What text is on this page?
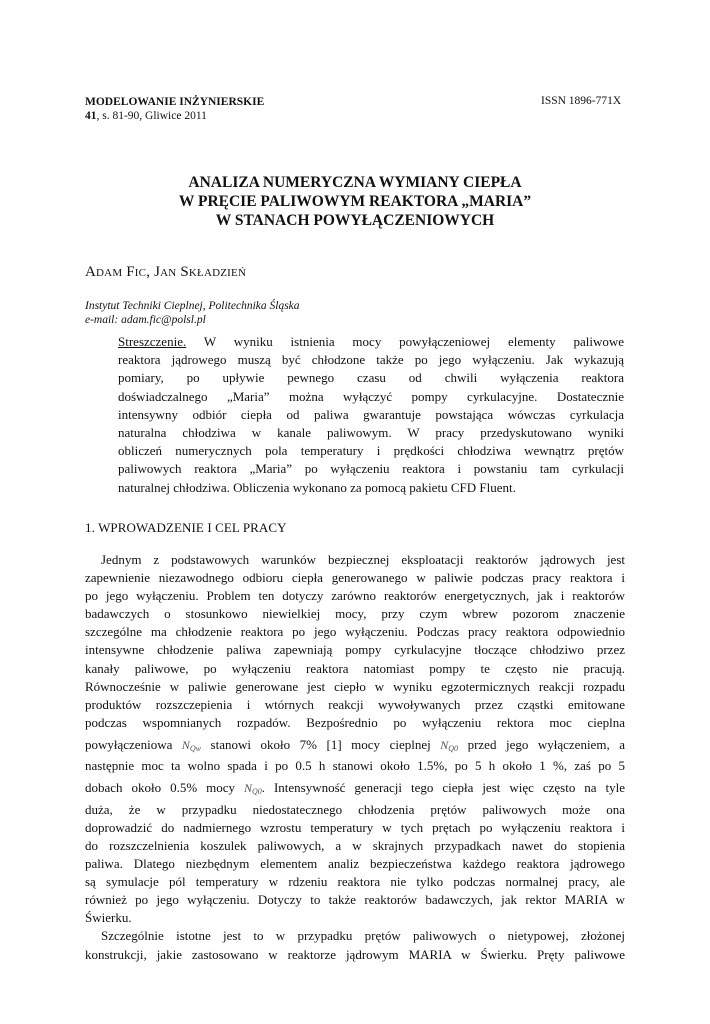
MODELOWANIE INŻYNIERSKIE
41, s. 81-90, Gliwice 2011
ISSN 1896-771X
ANALIZA NUMERYCZNA WYMIANY CIEPŁA
W PRĘCIE PALIWOWYM REAKTORA „MARIA”
W STANACH POWYŁĄCZENIOWYCH
Adam Fic, Jan Składzień
Instytut Techniki Cieplnej, Politechnika Śląska
e-mail: adam.fic@polsl.pl
Streszczenie. W wyniku istnienia mocy powyłączeniowej elementy paliwowe
reaktora jądrowego muszą być chłodzone także po jego wyłączeniu. Jak wykazują
pomiary, po upływie pewnego czasu od chwili wyłączenia reaktora
doświadczalnego „Maria” można wyłączyć pompy cyrkulacyjne. Dostatecznie
intensywny odbiór ciepła od paliwa gwarantuje powstająca wówczas cyrkulacja
naturalna chłodziwa w kanale paliwowym. W pracy przedyskutowano wyniki
obliczeń numerycznych pola temperatury i prędkości chłodziwa wewnątrz prętów
paliwowych reaktora „Maria” po wyłączeniu reaktora i powstaniu tam cyrkulacji
naturalnej chłodziwa. Obliczenia wykonano za pomocą pakietu CFD Fluent.
1. WPROWADZENIE I CEL PRACY
Jednym z podstawowych warunków bezpiecznej eksploatacji reaktorów jądrowych jest
zapewnienie niezawodnego odbioru ciepła generowanego w paliwie podczas pracy reaktora i
po jego wyłączeniu. Problem ten dotyczy zarówno reaktorów energetycznych, jak i reaktorów
badawczych o stosunkowo niewielkiej mocy, przy czym wbrew pozorom znaczenie
szczególne ma chłodzenie reaktora po jego wyłączeniu. Podczas pracy reaktora odpowiednio
intensywne chłodzenie paliwa zapewniają pompy cyrkulacyjne tłoczące chłodziwo przez
kanały paliwowe, po wyłączeniu reaktora natomiast pompy te często nie pracują.
Równocześnie w paliwie generowane jest ciepło w wyniku egzotermicznych reakcji rozpadu
produktów rozszczepienia i wtórnych reakcji wywoływanych przez cząstki emitowane
podczas wspomnianych rozpadów. Bezpośrednio po wyłączeniu rektora moc cieplna
powyłączeniowa $N_{Qw}$ stanowi około 7% [1] mocy cieplnej $N_{Q0}$ przed jego wyłączeniem, a
następnie moc ta wolno spada i po 0.5 h stanowi około 1.5%, po 5 h około 1 %, zaś po 5
dobach około 0.5% mocy $N_{Q0}$. Intensywność generacji tego ciepła jest więc często na tyle
duża, że w przypadku niedostatecznego chłodzenia prętów paliwowych może ona
doprowadzić do nadmiernego wzrostu temperatury w tych prętach po wyłączeniu reaktora i
do rozszczelnienia koszulek paliwowych, a w skrajnych przypadkach nawet do stopienia
paliwa. Dlatego niezbędnym elementem analiz bezpieczeństwa każdego reaktora jądrowego
są symulacje pól temperatury w rdzeniu reaktora nie tylko podczas normalnej pracy, ale
również po jego wyłączeniu. Dotyczy to także reaktorów badawczych, jak rektor MARIA w
Świerku.
Szczególnie istotne jest to w przypadku prętów paliwowych o nietypowej, złożonej
konstrukcji, jakie zastosowano w reaktorze jądrowym MARIA w Świerku. Pręty paliwowe
